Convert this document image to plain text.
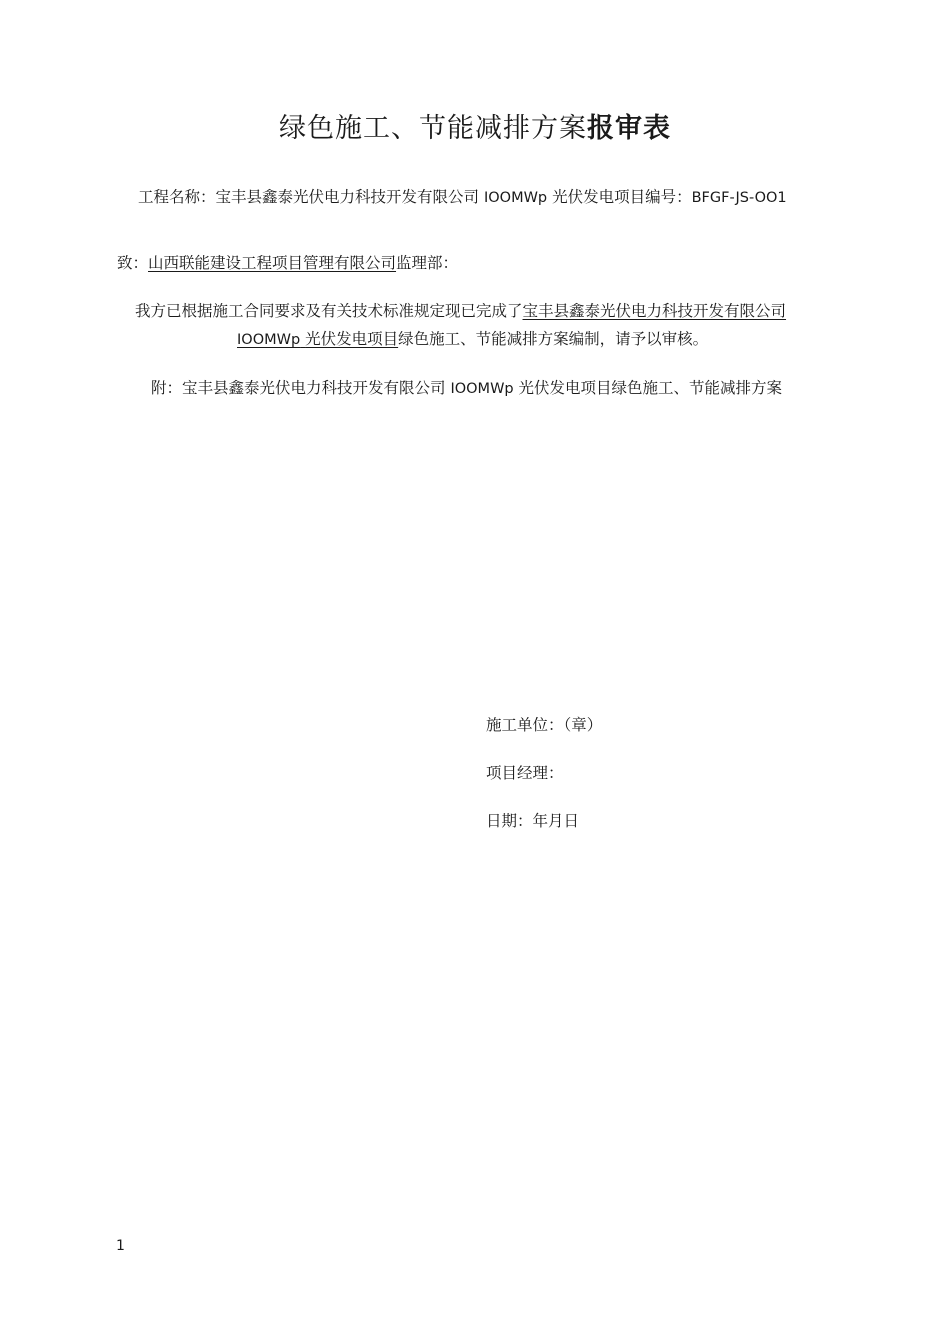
绿色施工、节能减排方案报审表
工程名称：宝丰县鑫泰光伏电力科技开发有限公司 IOOMWp 光伏发电项目编号：BFGF-JS-OO1
致：山西联能建设工程项目管理有限公司监理部：
我方已根据施工合同要求及有关技术标准规定现已完成了宝丰县鑫泰光伏电力科技开发有限公司
IOOMWp 光伏发电项目绿色施工、节能减排方案编制，请予以审核。
附：宝丰县鑫泰光伏电力科技开发有限公司 IOOMWp 光伏发电项目绿色施工、节能减排方案
施工单位：（章）
项目经理：
日期：年月日
1
